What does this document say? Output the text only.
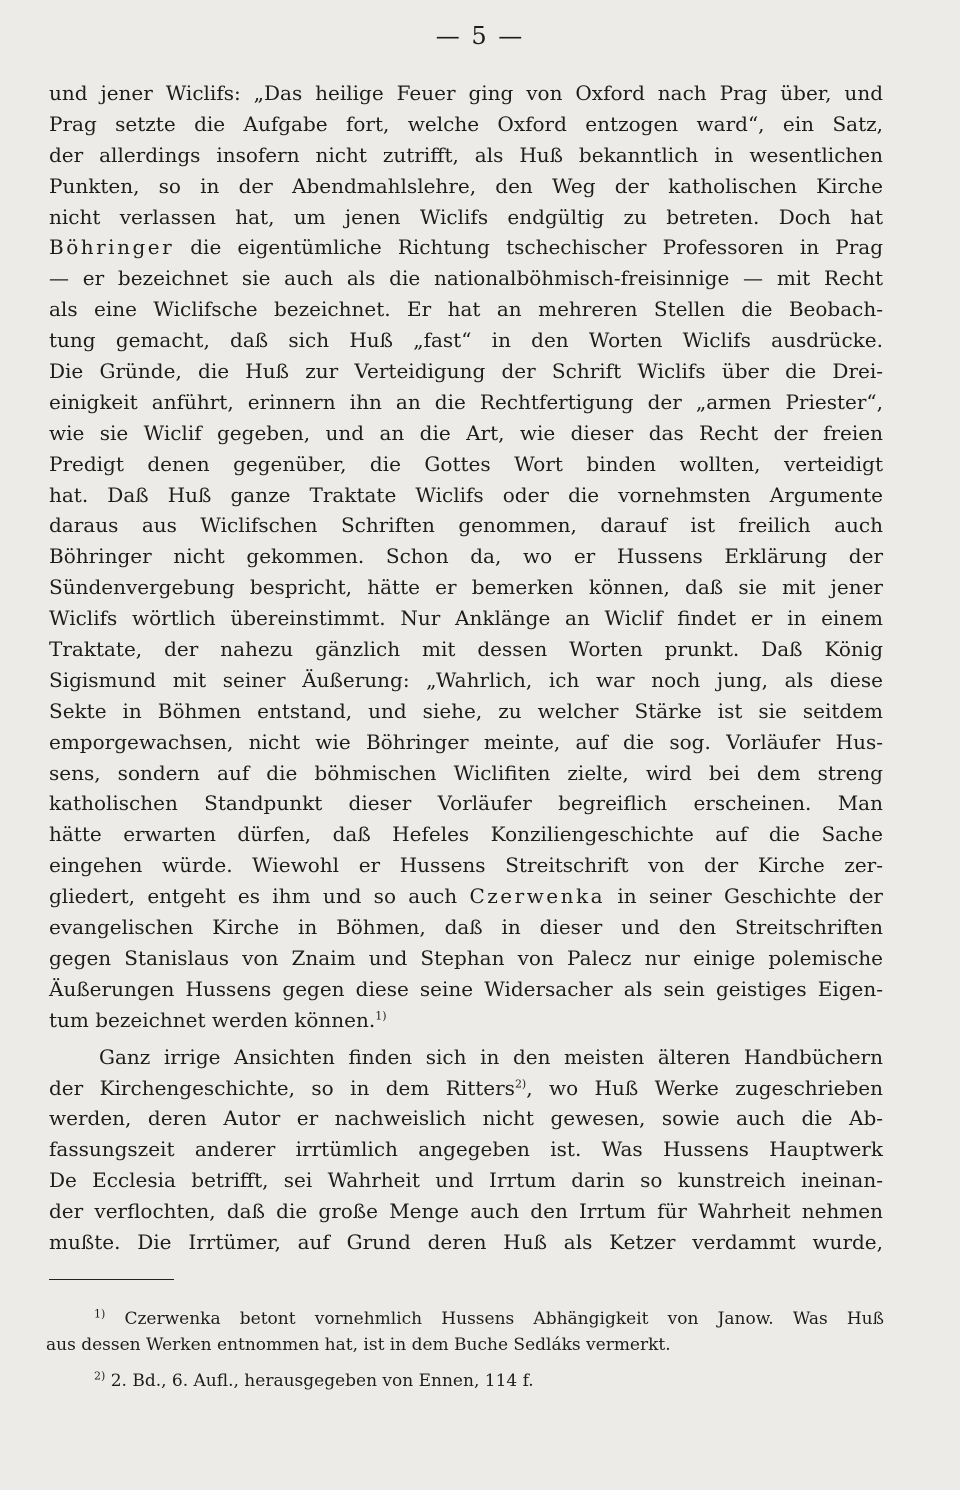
— 5 —
und jener Wiclifs: „Das heilige Feuer ging von Oxford nach Prag über, und
Prag setzte die Aufgabe fort, welche Oxford entzogen ward“, ein Satz,
der allerdings insofern nicht zutrifft, als Huß bekanntlich in wesentlichen
Punkten, so in der Abendmahlslehre, den Weg der katholischen Kirche
nicht verlassen hat, um jenen Wiclifs endgültig zu betreten. Doch hat
Böhringer die eigentümliche Richtung tschechischer Professoren in Prag
— er bezeichnet sie auch als die nationalböhmisch-freisinnige — mit Recht
als eine Wiclifsche bezeichnet. Er hat an mehreren Stellen die Beobach-
tung gemacht, daß sich Huß „fast“ in den Worten Wiclifs ausdrücke.
Die Gründe, die Huß zur Verteidigung der Schrift Wiclifs über die Drei-
einigkeit anführt, erinnern ihn an die Rechtfertigung der „armen Priester“,
wie sie Wiclif gegeben, und an die Art, wie dieser das Recht der freien
Predigt denen gegenüber, die Gottes Wort binden wollten, verteidigt
hat. Daß Huß ganze Traktate Wiclifs oder die vornehmsten Argumente
daraus aus Wiclifschen Schriften genommen, darauf ist freilich auch
Böhringer nicht gekommen. Schon da, wo er Hussens Erklärung der
Sündenvergebung bespricht, hätte er bemerken können, daß sie mit jener
Wiclifs wörtlich übereinstimmt. Nur Anklänge an Wiclif findet er in einem
Traktate, der nahezu gänzlich mit dessen Worten prunkt. Daß König
Sigismund mit seiner Äußerung: „Wahrlich, ich war noch jung, als diese
Sekte in Böhmen entstand, und siehe, zu welcher Stärke ist sie seitdem
emporgewachsen, nicht wie Böhringer meinte, auf die sog. Vorläufer Hus-
sens, sondern auf die böhmischen Wiclifiten zielte, wird bei dem streng
katholischen Standpunkt dieser Vorläufer begreiflich erscheinen. Man
hätte erwarten dürfen, daß Hefeles Konziliengeschichte auf die Sache
eingehen würde. Wiewohl er Hussens Streitschrift von der Kirche zer-
gliedert, entgeht es ihm und so auch Czerwenka in seiner Geschichte der
evangelischen Kirche in Böhmen, daß in dieser und den Streitschriften
gegen Stanislaus von Znaim und Stephan von Palecz nur einige polemische
Äußerungen Hussens gegen diese seine Widersacher als sein geistiges Eigen-
tum bezeichnet werden können.$^{1)}$
Ganz irrige Ansichten finden sich in den meisten älteren Handbüchern
der Kirchengeschichte, so in dem Ritters$^{2)}$, wo Huß Werke zugeschrieben
werden, deren Autor er nachweislich nicht gewesen, sowie auch die Ab-
fassungszeit anderer irrtümlich angegeben ist. Was Hussens Hauptwerk
De Ecclesia betrifft, sei Wahrheit und Irrtum darin so kunstreich ineinan-
der verflochten, daß die große Menge auch den Irrtum für Wahrheit nehmen
mußte. Die Irrtümer, auf Grund deren Huß als Ketzer verdammt wurde,
$^{1)}$ Czerwenka betont vornehmlich Hussens Abhängigkeit von Janow. Was Huß
aus dessen Werken entnommen hat, ist in dem Buche Sedláks vermerkt.
$^{2)}$ 2. Bd., 6. Aufl., herausgegeben von Ennen, 114 f.
